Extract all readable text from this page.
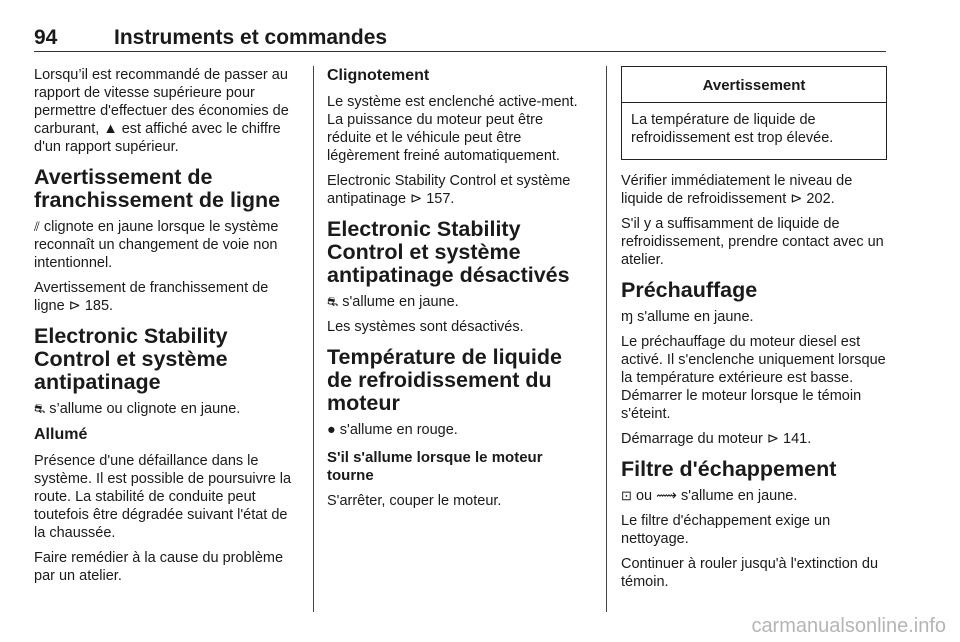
94	Instruments et commandes

Lorsqu’il est recommandé de passer au rapport de vitesse supérieure pour permettre d'effectuer des économies de carburant, ▲ est affiché avec le chiffre d'un rapport supérieur.

Avertissement de franchissement de ligne

⫽ clignote en jaune lorsque le système reconnaît un changement de voie non intentionnel.

Avertissement de franchissement de ligne ⊳ 185.

Electronic Stability Control et système antipatinage

⛐ s’allume ou clignote en jaune.

Allumé

Présence d'une défaillance dans le système. Il est possible de poursuivre la route. La stabilité de conduite peut toutefois être dégradée suivant l'état de la chaussée.

Faire remédier à la cause du problème par un atelier.

Clignotement

Le système est enclenché active-ment. La puissance du moteur peut être réduite et le véhicule peut être légèrement freiné automatiquement.

Electronic Stability Control et système antipatinage ⊳ 157.

Electronic Stability Control et système antipatinage désactivés

⛐ s'allume en jaune.

Les systèmes sont désactivés.

Température de liquide de refroidissement du moteur

● s'allume en rouge.

S'il s'allume lorsque le moteur tourne

S'arrêter, couper le moteur.

Avertissement

La température de liquide de refroidissement est trop élevée.

Vérifier immédiatement le niveau de liquide de refroidissement ⊳ 202.

S'il y a suffisamment de liquide de refroidissement, prendre contact avec un atelier.

Préchauffage

ɱ s'allume en jaune.

Le préchauffage du moteur diesel est activé. Il s'enclenche uniquement lorsque la température extérieure est basse. Démarrer le moteur lorsque le témoin s'éteint.

Démarrage du moteur ⊳ 141.

Filtre d'échappement

⊡ ou ⟿ s'allume en jaune.

Le filtre d'échappement exige un nettoyage.

Continuer à rouler jusqu'à l'extinction du témoin.

carmanualsonline.info
